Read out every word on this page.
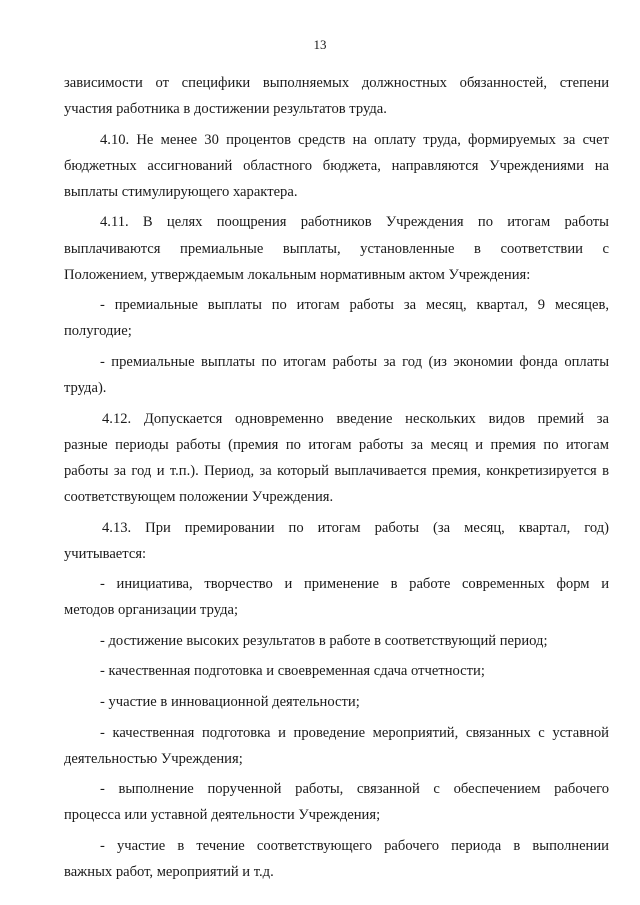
13
зависимости от специфики выполняемых должностных обязанностей, степени
участия работника в достижении результатов труда.
4.10. Не менее 30 процентов средств на оплату труда, формируемых за счет
бюджетных ассигнований областного бюджета, направляются Учреждениями на
выплаты стимулирующего характера.
4.11. В целях поощрения работников Учреждения по итогам работы
выплачиваются премиальные выплаты, установленные в соответствии с
Положением, утверждаемым локальным нормативным актом Учреждения:
- премиальные выплаты по итогам работы за месяц, квартал, 9 месяцев,
полугодие;
- премиальные выплаты по итогам работы за год (из экономии фонда оплаты
труда).
4.12. Допускается одновременно введение нескольких видов премий за
разные периоды работы (премия по итогам работы за месяц и премия по итогам
работы за год и т.п.). Период, за который выплачивается премия, конкретизируется в
соответствующем положении Учреждения.
4.13. При премировании по итогам работы (за месяц, квартал, год)
учитывается:
- инициатива, творчество и применение в работе современных форм и
методов организации труда;
- достижение высоких результатов в работе в соответствующий период;
- качественная подготовка и своевременная сдача отчетности;
- участие в инновационной деятельности;
- качественная подготовка и проведение мероприятий, связанных с уставной
деятельностью Учреждения;
- выполнение порученной работы, связанной с обеспечением рабочего
процесса или уставной деятельности Учреждения;
- участие в течение соответствующего рабочего периода в выполнении
важных работ, мероприятий и т.д.
